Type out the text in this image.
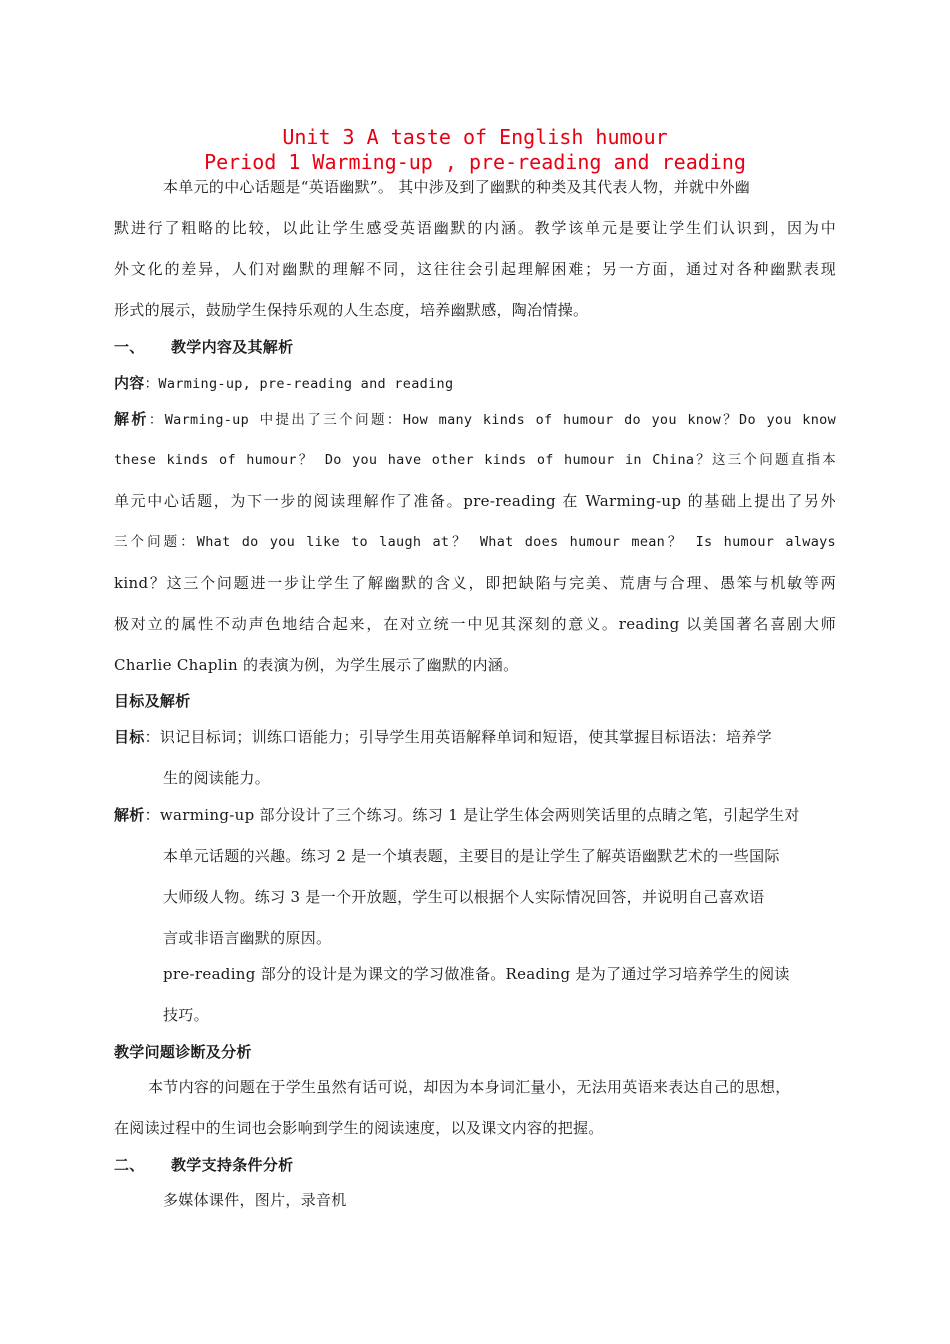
Unit 3 A taste of English humour
Period 1 Warming-up , pre-reading and reading
本单元的中心话题是“英语幽默”。 其中涉及到了幽默的种类及其代表人物，并就中外幽
默进行了粗略的比较，以此让学生感受英语幽默的内涵。教学该单元是要让学生们认识到，因为中
外文化的差异，人们对幽默的理解不同，这往往会引起理解困难；另一方面，通过对各种幽默表现
形式的展示，鼓励学生保持乐观的人生态度，培养幽默感，陶冶情操。
一、 教学内容及其解析
内容：Warming-up, pre-reading and reading
解析：Warming-up 中提出了三个问题：How many kinds of humour do you know？Do you know
these kinds of humour？ Do you have other kinds of humour in China？这三个问题直指本
单元中心话题，为下一步的阅读理解作了准备。pre-reading 在 Warming-up 的基础上提出了另外
三个问题：What do you like to laugh at？ What does humour mean？ Is humour always
kind？这三个问题进一步让学生了解幽默的含义，即把缺陷与完美、荒唐与合理、愚笨与机敏等两
极对立的属性不动声色地结合起来，在对立统一中见其深刻的意义。reading 以美国著名喜剧大师
Charlie Chaplin 的表演为例，为学生展示了幽默的内涵。
目标及解析
目标：识记目标词；训练口语能力；引导学生用英语解释单词和短语，使其掌握目标语法：培养学
生的阅读能力。
解析：warming-up 部分设计了三个练习。练习 1 是让学生体会两则笑话里的点睛之笔，引起学生对
本单元话题的兴趣。练习 2 是一个填表题，主要目的是让学生了解英语幽默艺术的一些国际
大师级人物。练习 3 是一个开放题，学生可以根据个人实际情况回答，并说明自己喜欢语
言或非语言幽默的原因。
pre-reading 部分的设计是为课文的学习做准备。Reading 是为了通过学习培养学生的阅读
技巧。
教学问题诊断及分析
本节内容的问题在于学生虽然有话可说，却因为本身词汇量小，无法用英语来表达自己的思想，
在阅读过程中的生词也会影响到学生的阅读速度，以及课文内容的把握。
二、 教学支持条件分析
多媒体课件，图片，录音机
